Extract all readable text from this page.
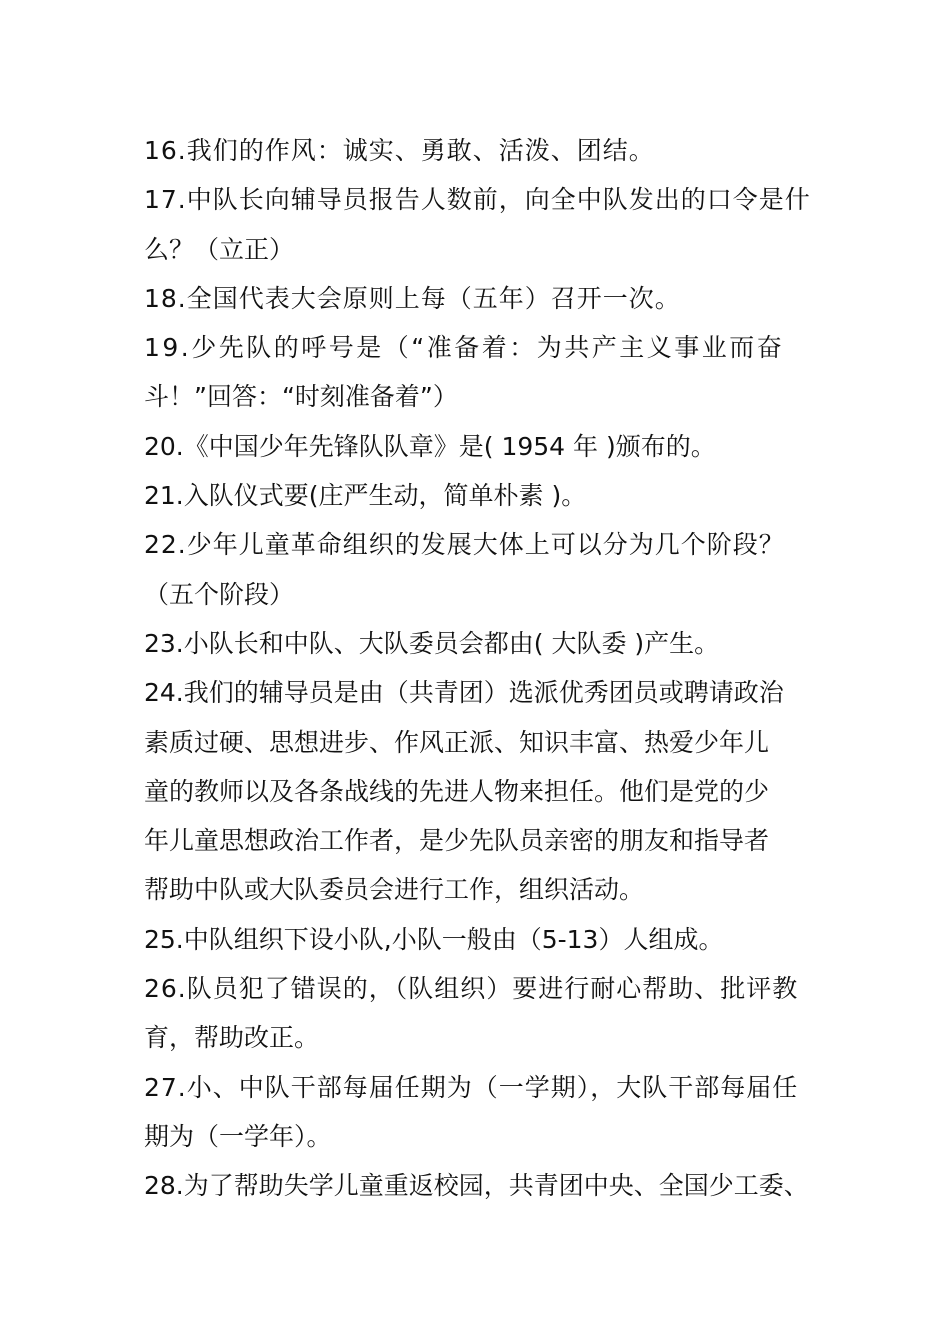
16.我们的作风：诚实、勇敢、活泼、团结。
17.中队长向辅导员报告人数前，向全中队发出的口令是什
么？（立正）
18.全国代表大会原则上每（五年）召开一次。
19.少先队的呼号是（“准备着：为共产主义事业而奋
斗！”回答：“时刻准备着”）
20.《中国少年先锋队队章》是( 1954 年 )颁布的。
21.入队仪式要(庄严生动，简单朴素 )。
22.少年儿童革命组织的发展大体上可以分为几个阶段？
（五个阶段）
23.小队长和中队、大队委员会都由( 大队委 )产生。
24.我们的辅导员是由（共青团）选派优秀团员或聘请政治
素质过硬、思想进步、作风正派、知识丰富、热爱少年儿
童的教师以及各条战线的先进人物来担任。他们是党的少
年儿童思想政治工作者，是少先队员亲密的朋友和指导者
帮助中队或大队委员会进行工作，组织活动。
25.中队组织下设小队,小队一般由（5-13）人组成。
26.队员犯了错误的，（队组织）要进行耐心帮助、批评教
育，帮助改正。
27.小、中队干部每届任期为（一学期），大队干部每届任
期为（一学年）。
28.为了帮助失学儿童重返校园，共青团中央、全国少工委、
